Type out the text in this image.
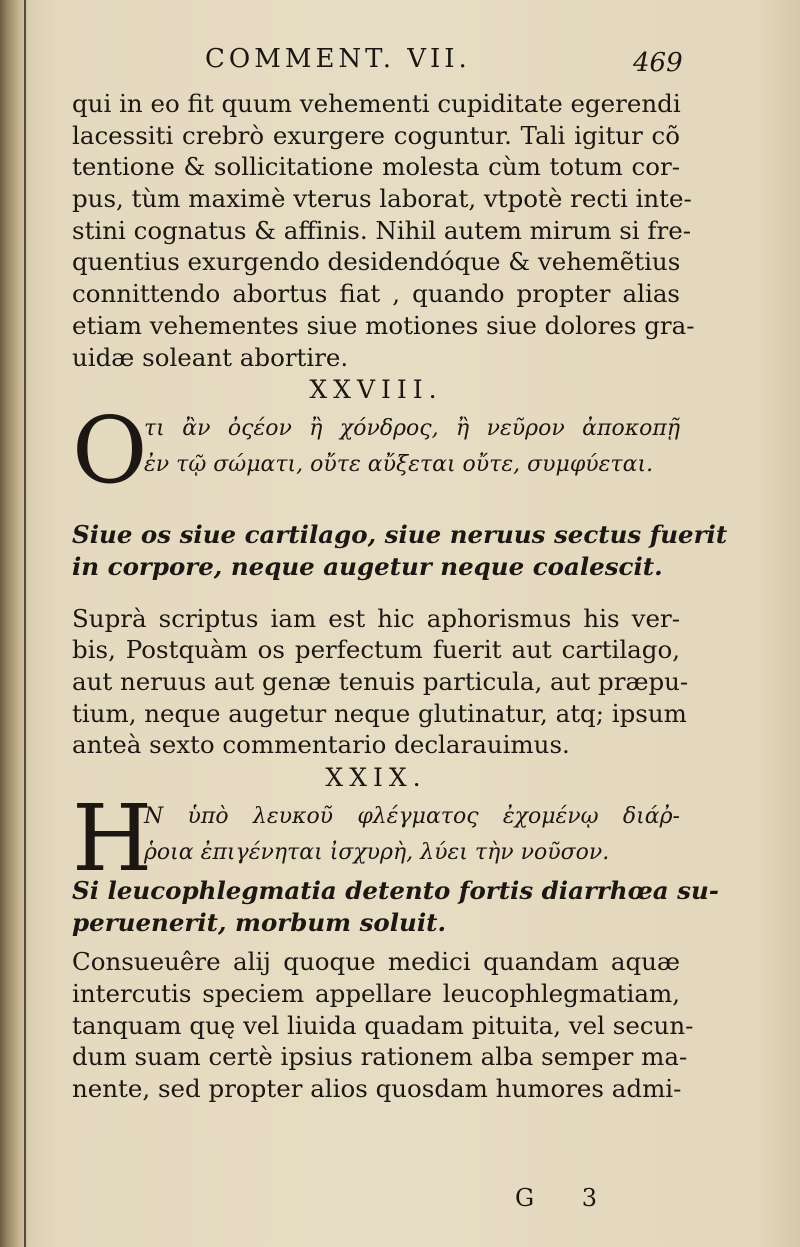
COMMENT. VII.	469
qui in eo fit quum vehementi cupiditate egerendi
lacessiti crebrò exurgere coguntur. Tali igitur cõ
tentione & sollicitatione molesta cùm totum cor-
pus, tùm maximè vterus laborat, vtpotè recti inte-
stini cognatus & affinis. Nihil autem mirum si fre-
quentius exurgendo desidendóque & vehemẽtius
connittendo abortus fiat , quando propter alias
etiam vehementes siue motiones siue dolores gra-
uidæ soleant abortire.
XXVIII.
O
τι ἂν ὀςέον ἢ χόνδρος, ἢ νεῦρον ἀποκοπῇ
ἐν τῷ σώματι, οὔτε αὔξεται οὔτε, συμφύεται.
Siue os siue cartilago, siue neruus sectus fuerit
in corpore, neque augetur neque coalescit.
Suprà scriptus iam est hic aphorismus his ver-
bis, Postquàm os perfectum fuerit aut cartilago,
aut neruus aut genæ tenuis particula, aut præpu-
tium, neque augetur neque glutinatur, atq; ipsum
anteà sexto commentario declarauimus.
XXIX.
H
Ν ὑπὸ λευκοῦ φλέγματος ἐχομένῳ διάῤ-
ῥοια ἐπιγένηται ἰσχυρὴ, λύει τὴν νοῦσον.
Si leucophlegmatia detento fortis diarrhœa su-
peruenerit, morbum soluit.
Consueuêre alij quoque medici quandam aquæ
intercutis speciem appellare leucophlegmatiam,
tanquam quę vel liuida quadam pituita, vel secun-
dum suam certè ipsius rationem alba semper ma-
nente, sed propter alios quosdam humores admi-
G 3
